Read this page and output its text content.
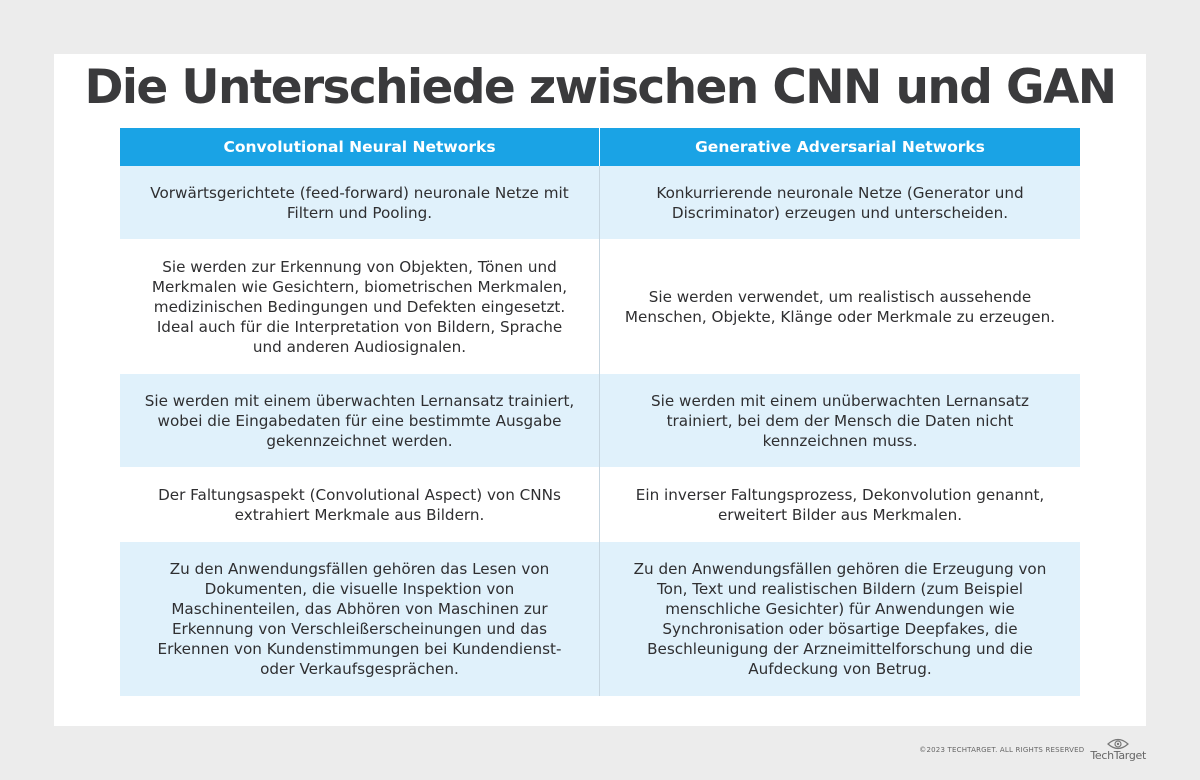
Die Unterschiede zwischen CNN und GAN
Convolutional Neural Networks	Generative Adversarial Networks
Vorwärtsgerichtete (feed-forward) neuronale Netze mit Filtern und Pooling.
Konkurrierende neuronale Netze (Generator und Discriminator) erzeugen und unterscheiden.
Sie werden zur Erkennung von Objekten, Tönen und Merkmalen wie Gesichtern, biometrischen Merkmalen, medizinischen Bedingungen und Defekten eingesetzt. Ideal auch für die Interpretation von Bildern, Sprache und anderen Audiosignalen.
Sie werden verwendet, um realistisch aussehende Menschen, Objekte, Klänge oder Merkmale zu erzeugen.
Sie werden mit einem überwachten Lernansatz trainiert, wobei die Eingabedaten für eine bestimmte Ausgabe gekennzeichnet werden.
Sie werden mit einem unüberwachten Lernansatz trainiert, bei dem der Mensch die Daten nicht kennzeichnen muss.
Der Faltungsaspekt (Convolutional Aspect) von CNNs extrahiert Merkmale aus Bildern.
Ein inverser Faltungsprozess, Dekonvolution genannt, erweitert Bilder aus Merkmalen.
Zu den Anwendungsfällen gehören das Lesen von Dokumenten, die visuelle Inspektion von Maschinenteilen, das Abhören von Maschinen zur Erkennung von Verschleißerscheinungen und das Erkennen von Kundenstimmungen bei Kundendienst- oder Verkaufsgesprächen.
Zu den Anwendungsfällen gehören die Erzeugung von Ton, Text und realistischen Bildern (zum Beispiel menschliche Gesichter) für Anwendungen wie Synchronisation oder bösartige Deepfakes, die Beschleunigung der Arzneimittelforschung und die Aufdeckung von Betrug.
©2023 TECHTARGET. ALL RIGHTS RESERVED TechTarget
